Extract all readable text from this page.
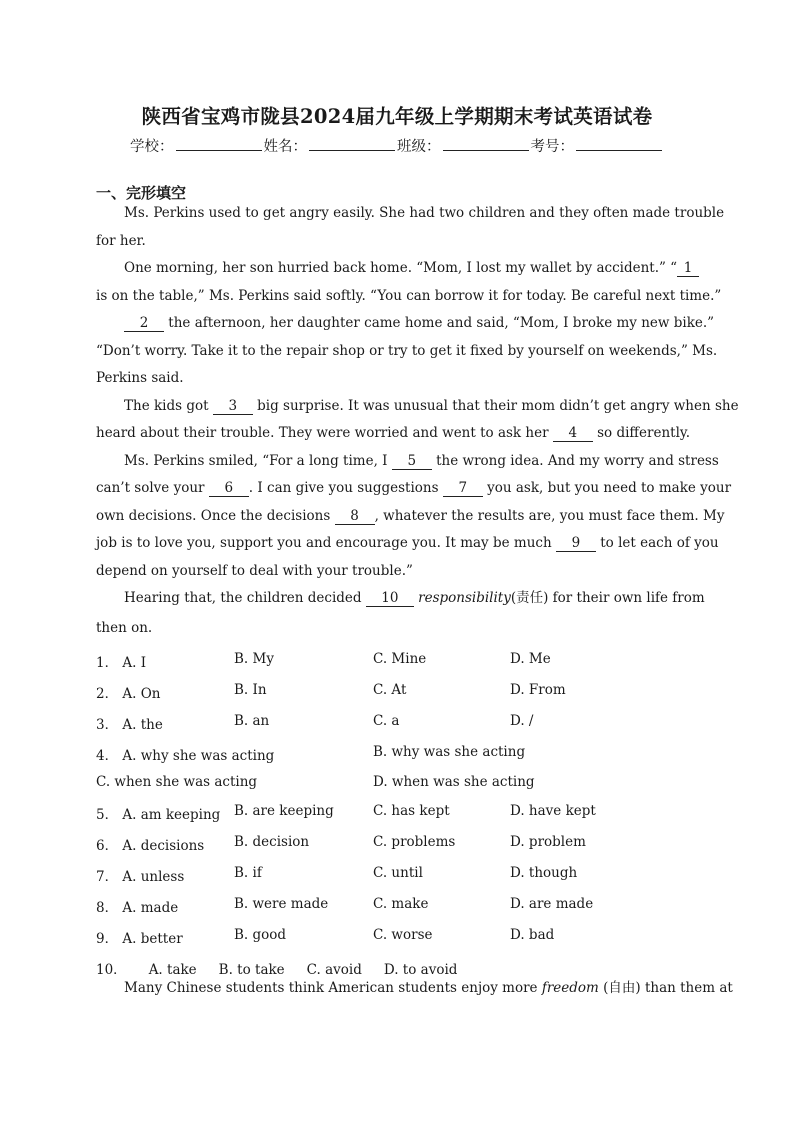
陕西省宝鸡市陇县2024届九年级上学期期末考试英语试卷
学校：	姓名：	班级：	考号：
一、完形填空
Ms. Perkins used to get angry easily. She had two children and they often made trouble
for her.
One morning, her son hurried back home. “Mom, I lost my wallet by accident.” “ 1
is on the table,” Ms. Perkins said softly. “You can borrow it for today. Be careful next time.”
2 the afternoon, her daughter came home and said, “Mom, I broke my new bike.”
“Don’t worry. Take it to the repair shop or try to get it fixed by yourself on weekends,” Ms.
Perkins said.
The kids got 3 big surprise. It was unusual that their mom didn’t get angry when she
heard about their trouble. They were worried and went to ask her 4 so differently.
Ms. Perkins smiled, “For a long time, I 5 the wrong idea. And my worry and stress
can’t solve your 6 . I can give you suggestions 7 you ask, but you need to make your
own decisions. Once the decisions 8 , whatever the results are, you must face them. My
job is to love you, support you and encourage you. It may be much 9 to let each of you
depend on yourself to deal with your trouble.”
Hearing that, the children decided 10 responsibility(责任) for their own life from
then on.
1． A. I	B. My	C. Mine	D. Me
2． A. On	B. In	C. At	D. From
3． A. the	B. an	C. a	D. /
4． A. why she was acting	B. why was she acting
C. when she was acting	D. when was she acting
5． A. am keeping B. are keeping	C. has kept	D. have kept
6． A. decisions B. decision	C. problems	D. problem
7． A. unless	B. if	C. until	D. though
8． A. made	B. were made	C. make	D. are made
9． A. better	B. good	C. worse	D. bad
10． A. take B. to take C. avoid D. to avoid
Many Chinese students think American students enjoy more freedom (自由) than them at
